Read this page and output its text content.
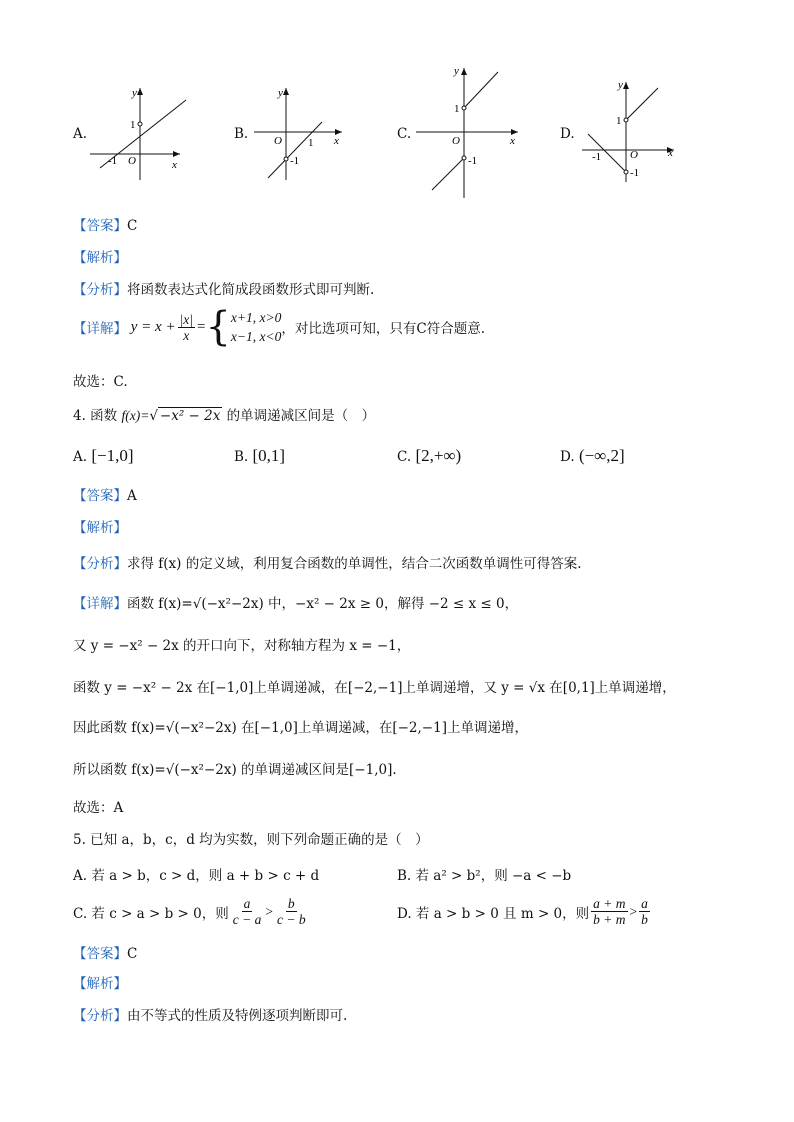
A.
y
x
O
1
-1
B.
y
x
O 1
-1
C.
y
x
O
1
-1
D.
y
x
O
1
-1
-1
【答案】C
【解析】
【分析】将函数表达式化简成段函数形式即可判断.
【详解】 $y = x + \frac{|x|}{x}$ = { x+1, x>0
x−1, x<0 ，对比选项可知，只有C符合题意.
故选：C.
4. 函数 f(x)=√ −x² − 2x 的单调递减区间是（　）
A. [−1,0]	B. [0,1]	C. [2,+∞)	D. (−∞,2]
【答案】A
【解析】
【分析】求得 f(x) 的定义域，利用复合函数的单调性，结合二次函数单调性可得答案.
【详解】函数 f(x)=√(−x²−2x) 中，−x² − 2x ≥ 0，解得 −2 ≤ x ≤ 0，
又 y = −x² − 2x 的开口向下，对称轴方程为 x = −1，
函数 y = −x² − 2x 在[−1,0]上单调递减，在[−2,−1]上单调递增，又 y = √x 在[0,1]上单调递增，
因此函数 f(x)=√(−x²−2x) 在[−1,0]上单调递减，在[−2,−1]上单调递增，
所以函数 f(x)=√(−x²−2x) 的单调递减区间是[−1,0].
故选：A
5. 已知 a，b，c，d 均为实数，则下列命题正确的是（　）
A. 若 a > b，c > d，则 a + b > c + d	B. 若 a² > b²，则 −a < −b
C. 若 c > a > b > 0，则 $\frac{a}{c - a} > \frac{b}{c - b}$	D. 若 a > b > 0 且 m > 0，则 $\frac{a + m}{b + m} > \frac{a}{b}$
【答案】C
【解析】
【分析】由不等式的性质及特例逐项判断即可.
